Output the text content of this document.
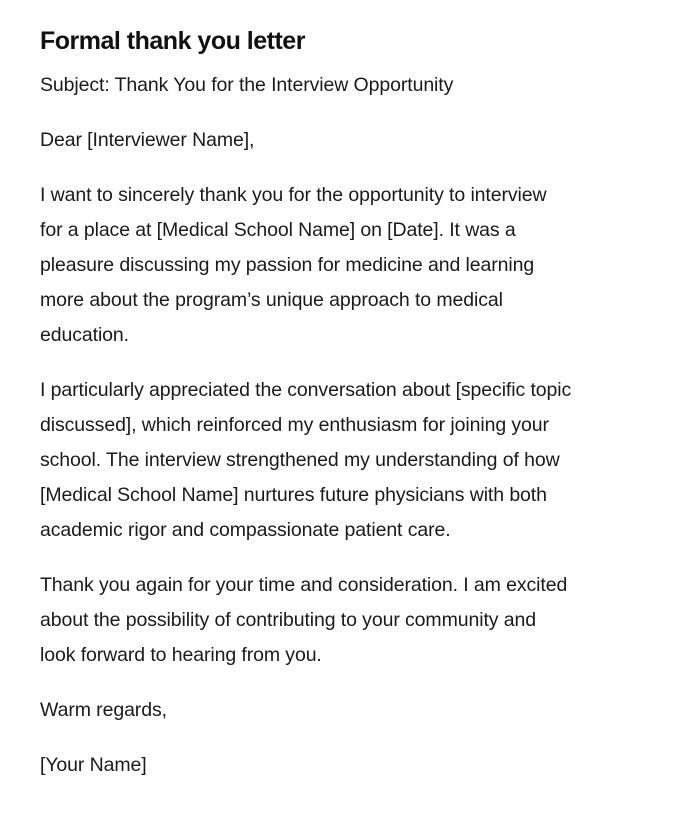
Formal thank you letter

Subject: Thank You for the Interview Opportunity

Dear [Interviewer Name],

I want to sincerely thank you for the opportunity to interview
for a place at [Medical School Name] on [Date]. It was a
pleasure discussing my passion for medicine and learning
more about the program’s unique approach to medical
education.

I particularly appreciated the conversation about [specific topic
discussed], which reinforced my enthusiasm for joining your
school. The interview strengthened my understanding of how
[Medical School Name] nurtures future physicians with both
academic rigor and compassionate patient care.

Thank you again for your time and consideration. I am excited
about the possibility of contributing to your community and
look forward to hearing from you.

Warm regards,

[Your Name]
